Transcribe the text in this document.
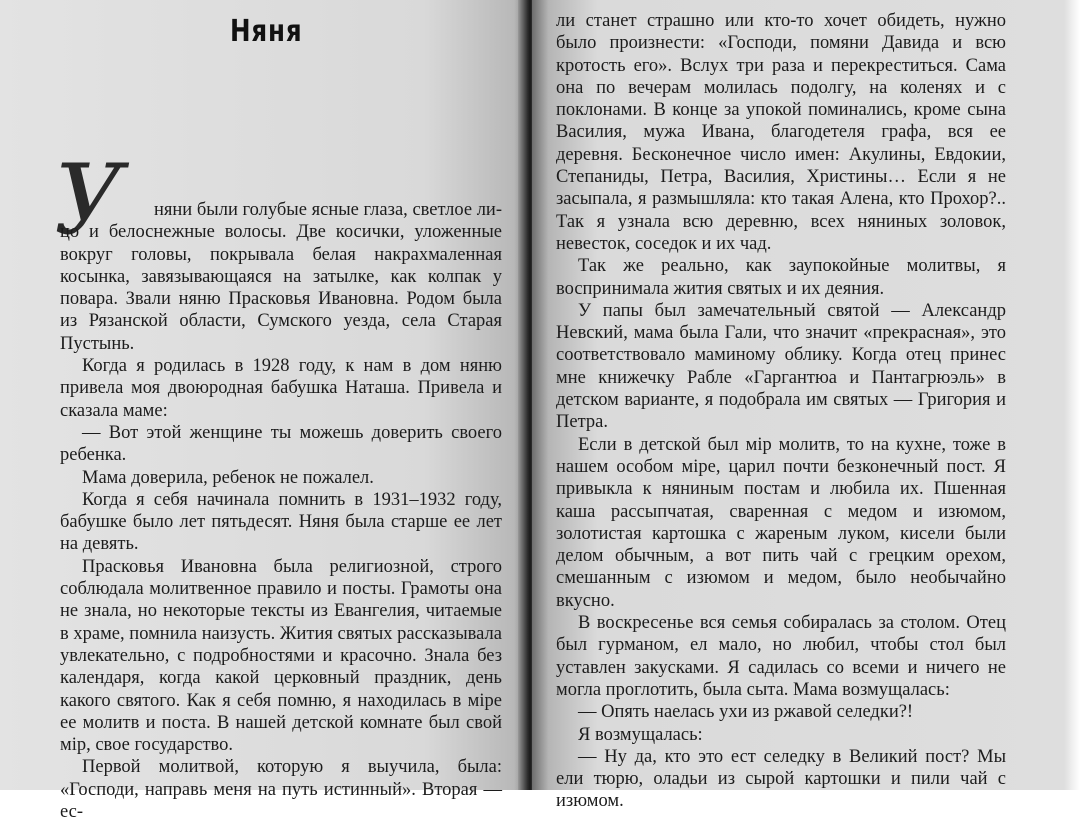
Няня
У	няни были голубые ясные глаза, светлое ли- цо и белоснежные волосы. Две косички, уложенные вокруг головы, покрывала белая накрахмаленная косынка, завязывающаяся на затылке, как колпак у повара. Звали няню Прасковья Ивановна. Родом была из Рязанской области, Сумского уезда, села Старая Пустынь.

Когда я родилась в 1928 году, к нам в дом няню привела моя двоюродная бабушка Наташа. Привела и сказала маме:

— Вот этой женщине ты можешь доверить своего ребенка.

Мама доверила, ребенок не пожалел.

Когда я себя начинала помнить в 1931–1932 году, бабушке было лет пятьдесят. Няня была старше ее лет на девять.

Прасковья Ивановна была религиозной, строго соблюдала молитвенное правило и посты. Грамоты она не знала, но некоторые тексты из Евангелия, читаемые в храме, помнила наизусть. Жития святых рассказывала увлекательно, с подробностями и красочно. Знала без календаря, когда какой церковный праздник, день какого святого. Как я себя помню, я находилась в міре ее молитв и поста. В нашей детской комнате был свой мір, свое государство.

Первой молитвой, которую я выучила, была: «Господи, направь меня на путь истинный». Вторая — ес-

ли станет страшно или кто-то хочет обидеть, нужно было произнести: «Господи, помяни Давида и всю кротость его». Вслух три раза и перекреститься. Сама она по вечерам молилась подолгу, на коленях и с поклонами. В конце за упокой поминались, кроме сына Василия, мужа Ивана, благодетеля графа, вся ее деревня. Бесконечное число имен: Акулины, Евдокии, Степаниды, Петра, Василия, Христины… Если я не засыпала, я размышляла: кто такая Алена, кто Прохор?.. Так я узнала всю деревню, всех няниных золовок, невесток, соседок и их чад.

Так же реально, как заупокойные молитвы, я воспринимала жития святых и их деяния.

У папы был замечательный святой — Александр Невский, мама была Гали, что значит «прекрасная», это соответствовало маминому облику. Когда отец принес мне книжечку Рабле «Гаргантюа и Пантагрюэль» в детском варианте, я подобрала им святых — Григория и Петра.

Если в детской был мір молитв, то на кухне, тоже в нашем особом міре, царил почти безконечный пост. Я привыкла к няниным постам и любила их. Пшенная каша рассыпчатая, сваренная с медом и изюмом, золотистая картошка с жареным луком, кисели были делом обычным, а вот пить чай с грецким орехом, смешанным с изюмом и медом, было необычайно вкусно.

В воскресенье вся семья собиралась за столом. Отец был гурманом, ел мало, но любил, чтобы стол был уставлен закусками. Я садилась со всеми и ничего не могла проглотить, была сыта. Мама возмущалась:

— Опять наелась ухи из ржавой селедки?!

Я возмущалась:

— Ну да, кто это ест селедку в Великий пост? Мы ели тюрю, оладьи из сырой картошки и пили чай с изюмом.
